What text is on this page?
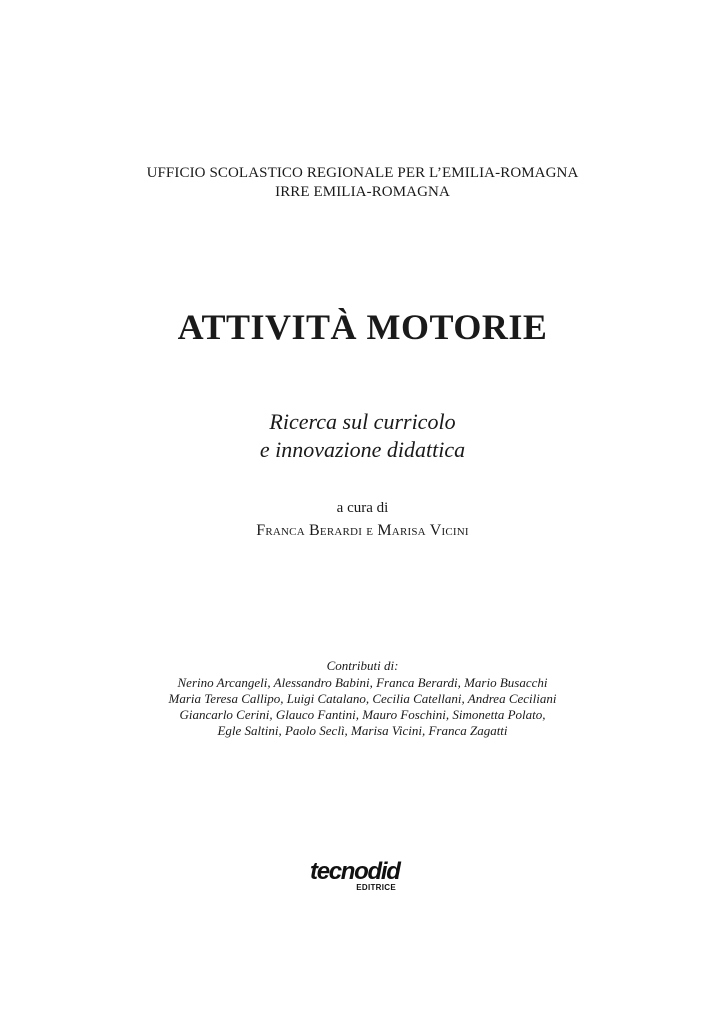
UFFICIO SCOLASTICO REGIONALE PER L’EMILIA-ROMAGNA
IRRE EMILIA-ROMAGNA
ATTIVITÀ MOTORIE
Ricerca sul curricolo
e innovazione didattica
a cura di
Franca Berardi e Marisa Vicini
Contributi di:
Nerino Arcangeli, Alessandro Babini, Franca Berardi, Mario Busacchi
Maria Teresa Callipo, Luigi Catalano, Cecilia Catellani, Andrea Ceciliani
Giancarlo Cerini, Glauco Fantini, Mauro Foschini, Simonetta Polato,
Egle Saltini, Paolo Seclì, Marisa Vicini, Franca Zagatti
tecnodid
EDITRICE
